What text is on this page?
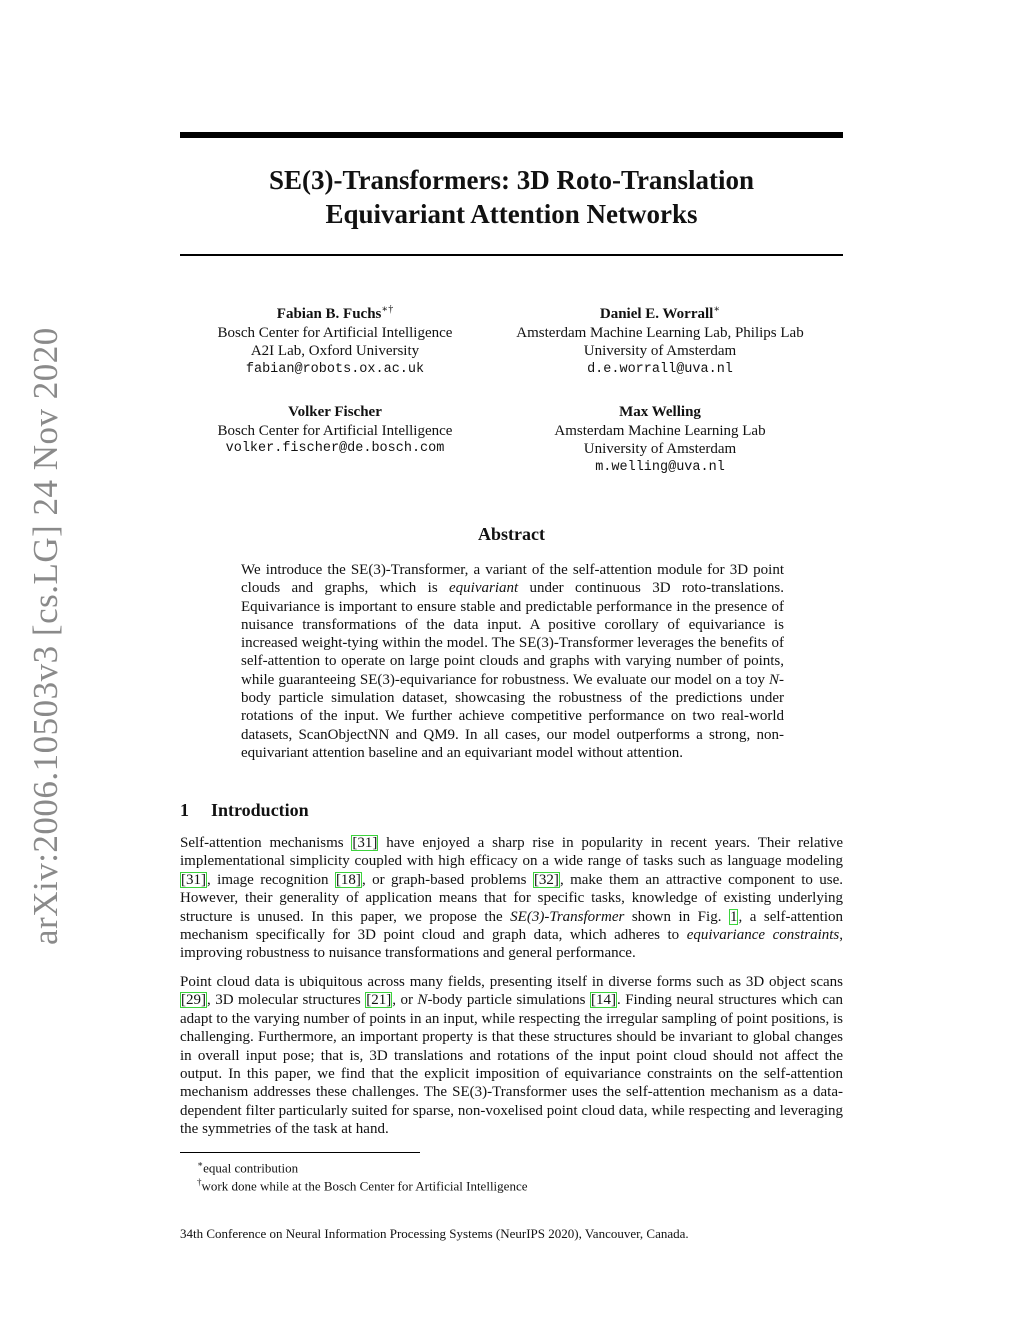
arXiv:2006.10503v3 [cs.LG] 24 Nov 2020
SE(3)-Transformers: 3D Roto-Translation
Equivariant Attention Networks
Fabian B. Fuchs∗†
Bosch Center for Artificial Intelligence
A2I Lab, Oxford University
fabian@robots.ox.ac.uk
Daniel E. Worrall∗
Amsterdam Machine Learning Lab, Philips Lab
University of Amsterdam
d.e.worrall@uva.nl
Volker Fischer
Bosch Center for Artificial Intelligence
volker.fischer@de.bosch.com
Max Welling
Amsterdam Machine Learning Lab
University of Amsterdam
m.welling@uva.nl
Abstract

We introduce the SE(3)-Transformer, a variant of the self-attention module for 3D point clouds and graphs, which is equivariant under continuous 3D roto-translations. Equivariance is important to ensure stable and predictable performance in the presence of nuisance transformations of the data input. A positive corollary of equivariance is increased weight-tying within the model. The SE(3)-Transformer leverages the benefits of self-attention to operate on large point clouds and graphs with varying number of points, while guaranteeing SE(3)-equivariance for robustness. We evaluate our model on a toy N-body particle simulation dataset, showcasing the robustness of the predictions under rotations of the input. We further achieve competitive performance on two real-world datasets, ScanObjectNN and QM9. In all cases, our model outperforms a strong, non-equivariant attention baseline and an equivariant model without attention.

1 Introduction

Self-attention mechanisms [31] have enjoyed a sharp rise in popularity in recent years. Their relative implementational simplicity coupled with high efficacy on a wide range of tasks such as language modeling [31], image recognition [18], or graph-based problems [32], make them an attractive component to use. However, their generality of application means that for specific tasks, knowledge of existing underlying structure is unused. In this paper, we propose the SE(3)-Transformer shown in Fig. 1, a self-attention mechanism specifically for 3D point cloud and graph data, which adheres to equivariance constraints, improving robustness to nuisance transformations and general performance.

Point cloud data is ubiquitous across many fields, presenting itself in diverse forms such as 3D object scans [29], 3D molecular structures [21], or N-body particle simulations [14]. Finding neural structures which can adapt to the varying number of points in an input, while respecting the irregular sampling of point positions, is challenging. Furthermore, an important property is that these structures should be invariant to global changes in overall input pose; that is, 3D translations and rotations of the input point cloud should not affect the output. In this paper, we find that the explicit imposition of equivariance constraints on the self-attention mechanism addresses these challenges. The SE(3)-Transformer uses the self-attention mechanism as a data-dependent filter particularly suited for sparse, non-voxelised point cloud data, while respecting and leveraging the symmetries of the task at hand.

∗equal contribution

†work done while at the Bosch Center for Artificial Intelligence

34th Conference on Neural Information Processing Systems (NeurIPS 2020), Vancouver, Canada.
